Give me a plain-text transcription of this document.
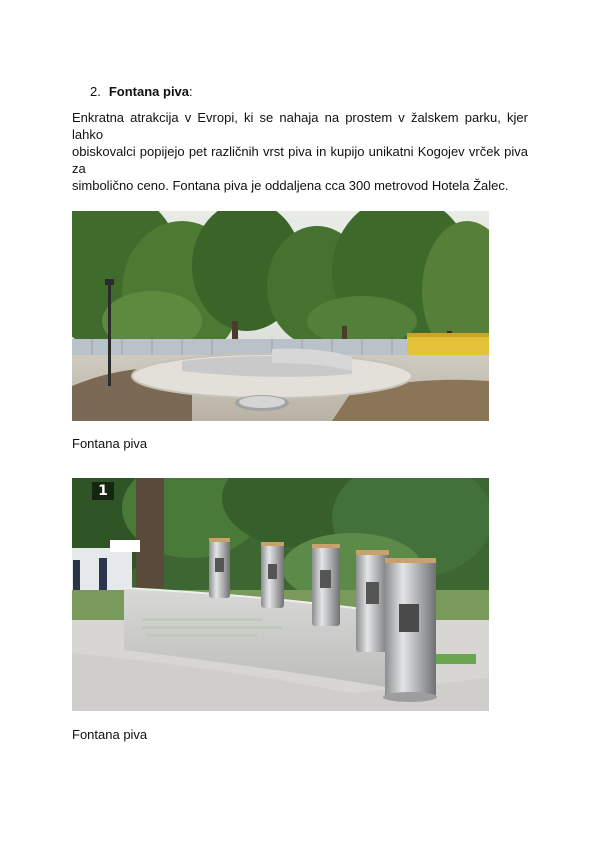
2. Fontana piva:
Enkratna atrakcija v Evropi, ki se nahaja na prostem v žalskem parku, kjer lahko
obiskovalci popijejo pet različnih vrst piva in kupijo unikatni Kogojev vrček piva za
simbolično ceno. Fontana piva je oddaljena cca 300 metrovod Hotela Žalec.
Fontana piva
1
Fontana piva
